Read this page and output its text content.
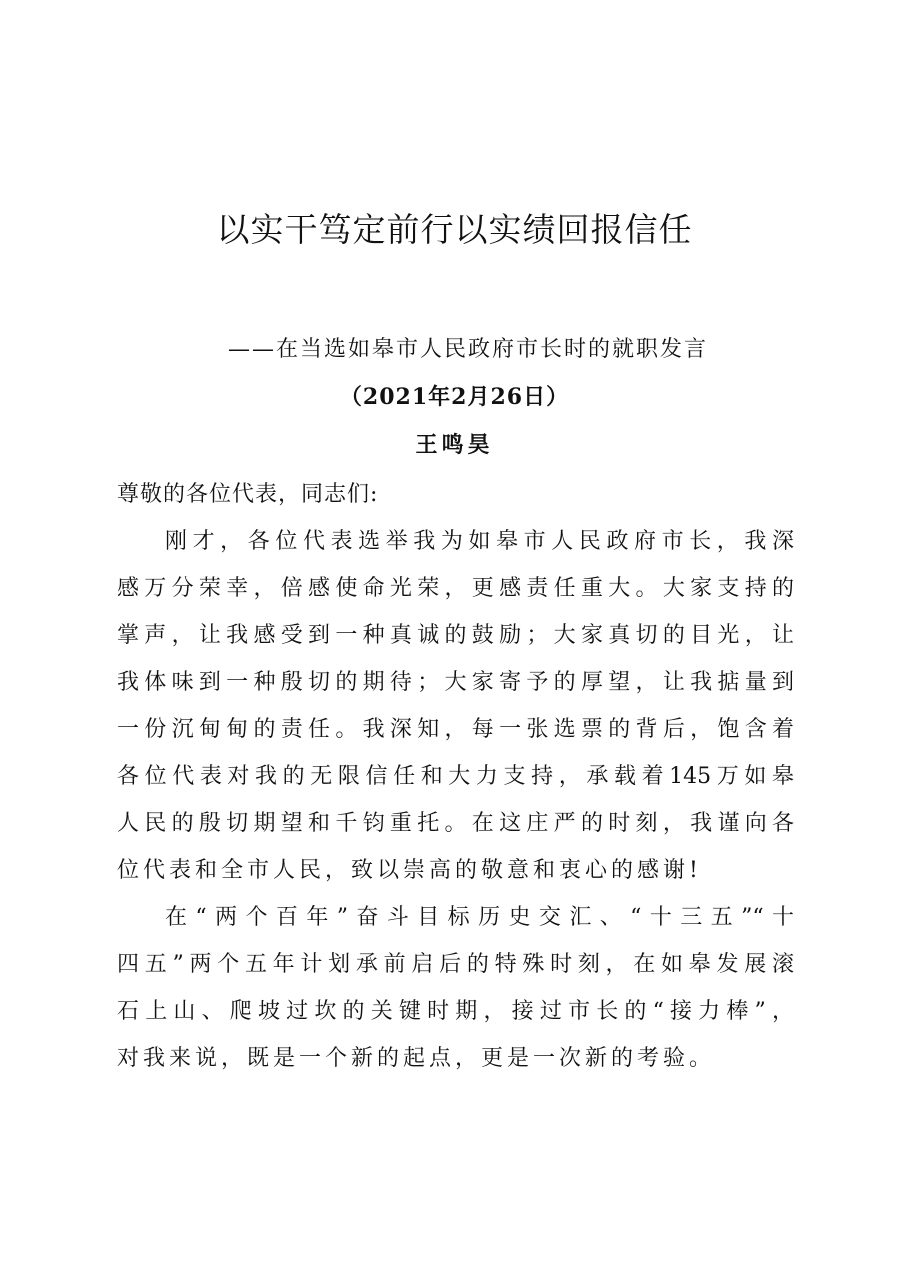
以实干笃定前行以实绩回报信任

——在当选如皋市人民政府市长时的就职发言

（2021年2月26日）

王鸣昊

尊敬的各位代表，同志们:

刚才，各位代表选举我为如皋市人民政府市长，我深
感万分荣幸，倍感使命光荣，更感责任重大。大家支持的
掌声，让我感受到一种真诚的鼓励；大家真切的目光，让
我体味到一种殷切的期待；大家寄予的厚望，让我掂量到
一份沉甸甸的责任。我深知，每一张选票的背后，饱含着
各位代表对我的无限信任和大力支持，承载着145万如皋
人民的殷切期望和千钧重托。在这庄严的时刻，我谨向各
位代表和全市人民，致以崇高的敬意和衷心的感谢!

在“两个百年”奋斗目标历史交汇、“十三五”“十
四五”两个五年计划承前启后的特殊时刻，在如皋发展滚
石上山、爬坡过坎的关键时期，接过市长的“接力棒”，
对我来说，既是一个新的起点，更是一次新的考验。
